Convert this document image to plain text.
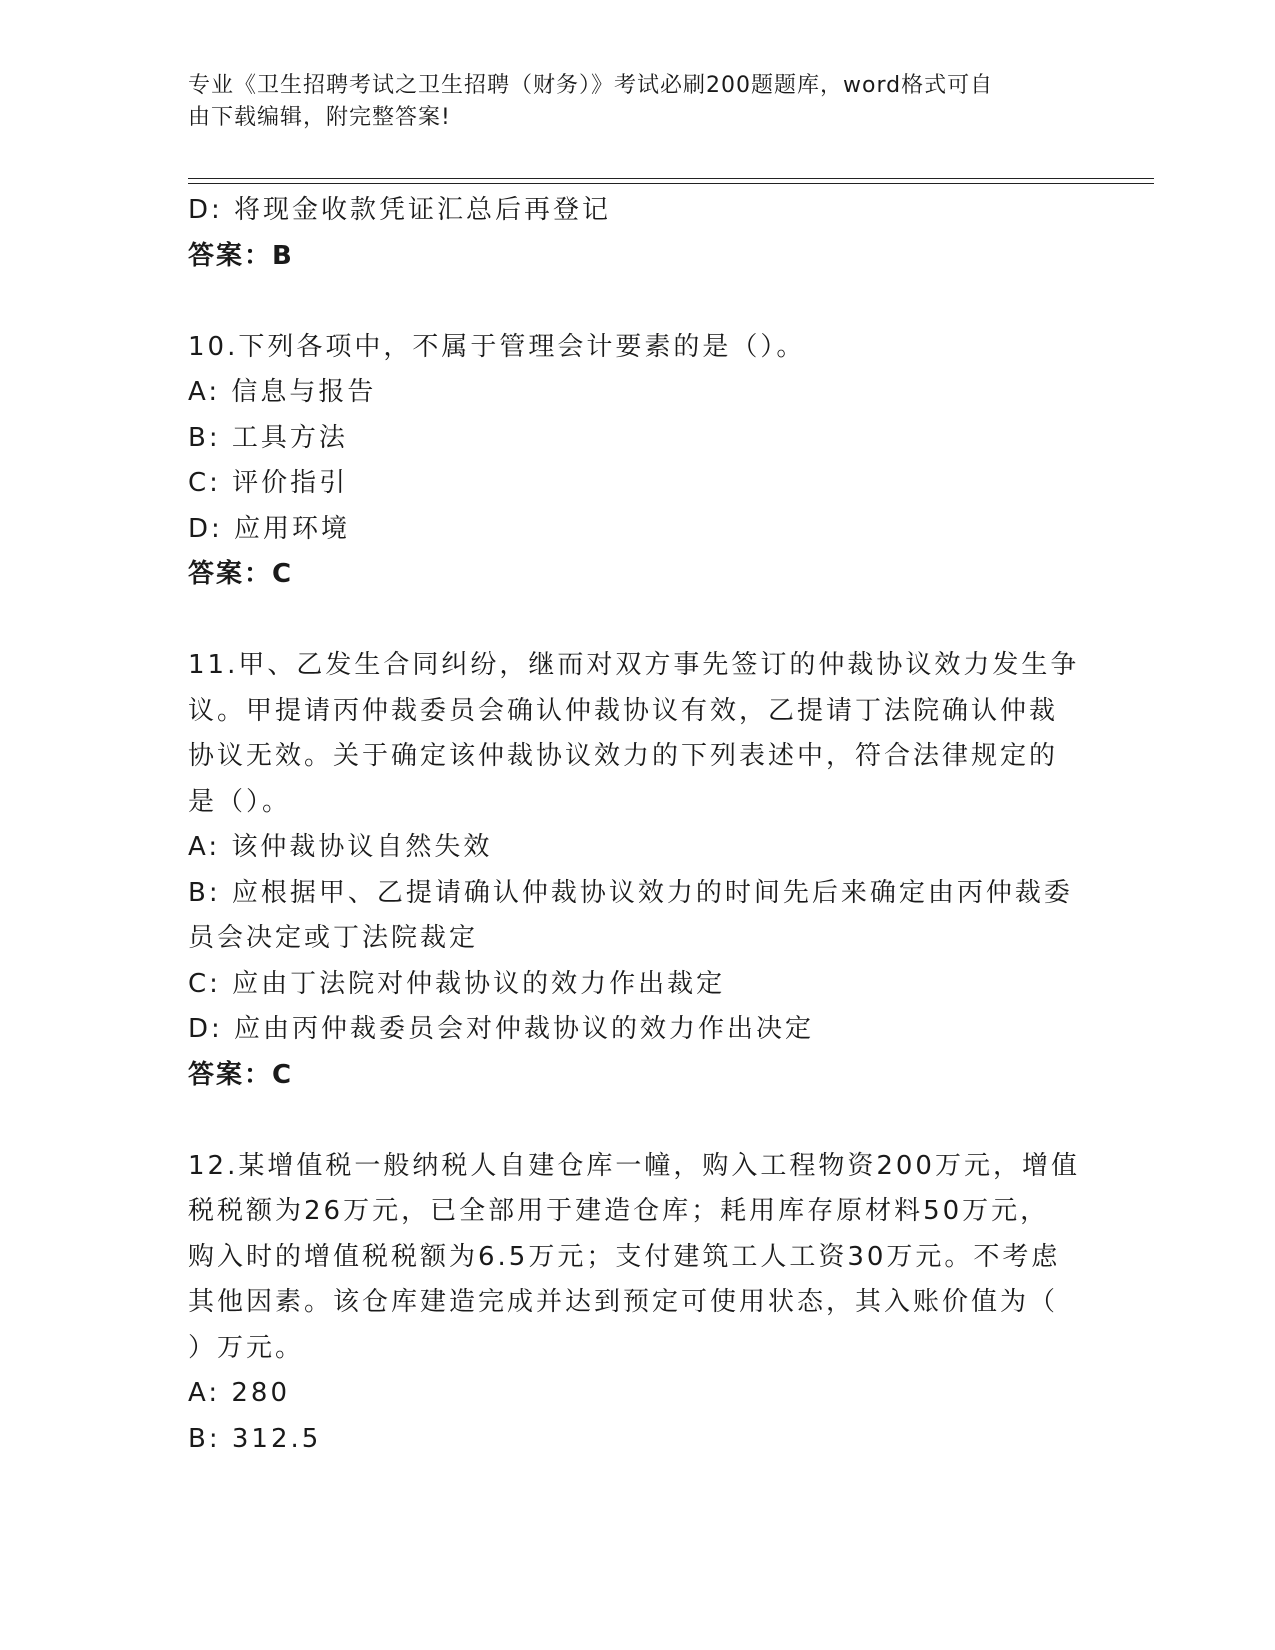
专业《卫生招聘考试之卫生招聘（财务）》考试必刷200题题库，word格式可自
由下载编辑，附完整答案!
D: 将现金收款凭证汇总后再登记
答案：B
10.下列各项中，不属于管理会计要素的是（）。
A: 信息与报告
B: 工具方法
C: 评价指引
D: 应用环境
答案：C
11.甲、乙发生合同纠纷，继而对双方事先签订的仲裁协议效力发生争
议。甲提请丙仲裁委员会确认仲裁协议有效，乙提请丁法院确认仲裁
协议无效。关于确定该仲裁协议效力的下列表述中，符合法律规定的
是（）。
A: 该仲裁协议自然失效
B: 应根据甲、乙提请确认仲裁协议效力的时间先后来确定由丙仲裁委
员会决定或丁法院裁定
C: 应由丁法院对仲裁协议的效力作出裁定
D: 应由丙仲裁委员会对仲裁协议的效力作出决定
答案：C
12.某增值税一般纳税人自建仓库一幢，购入工程物资200万元，增值
税税额为26万元，已全部用于建造仓库；耗用库存原材料50万元，
购入时的增值税税额为6.5万元；支付建筑工人工资30万元。不考虑
其他因素。该仓库建造完成并达到预定可使用状态，其入账价值为（
）万元。
A: 280
B: 312.5
